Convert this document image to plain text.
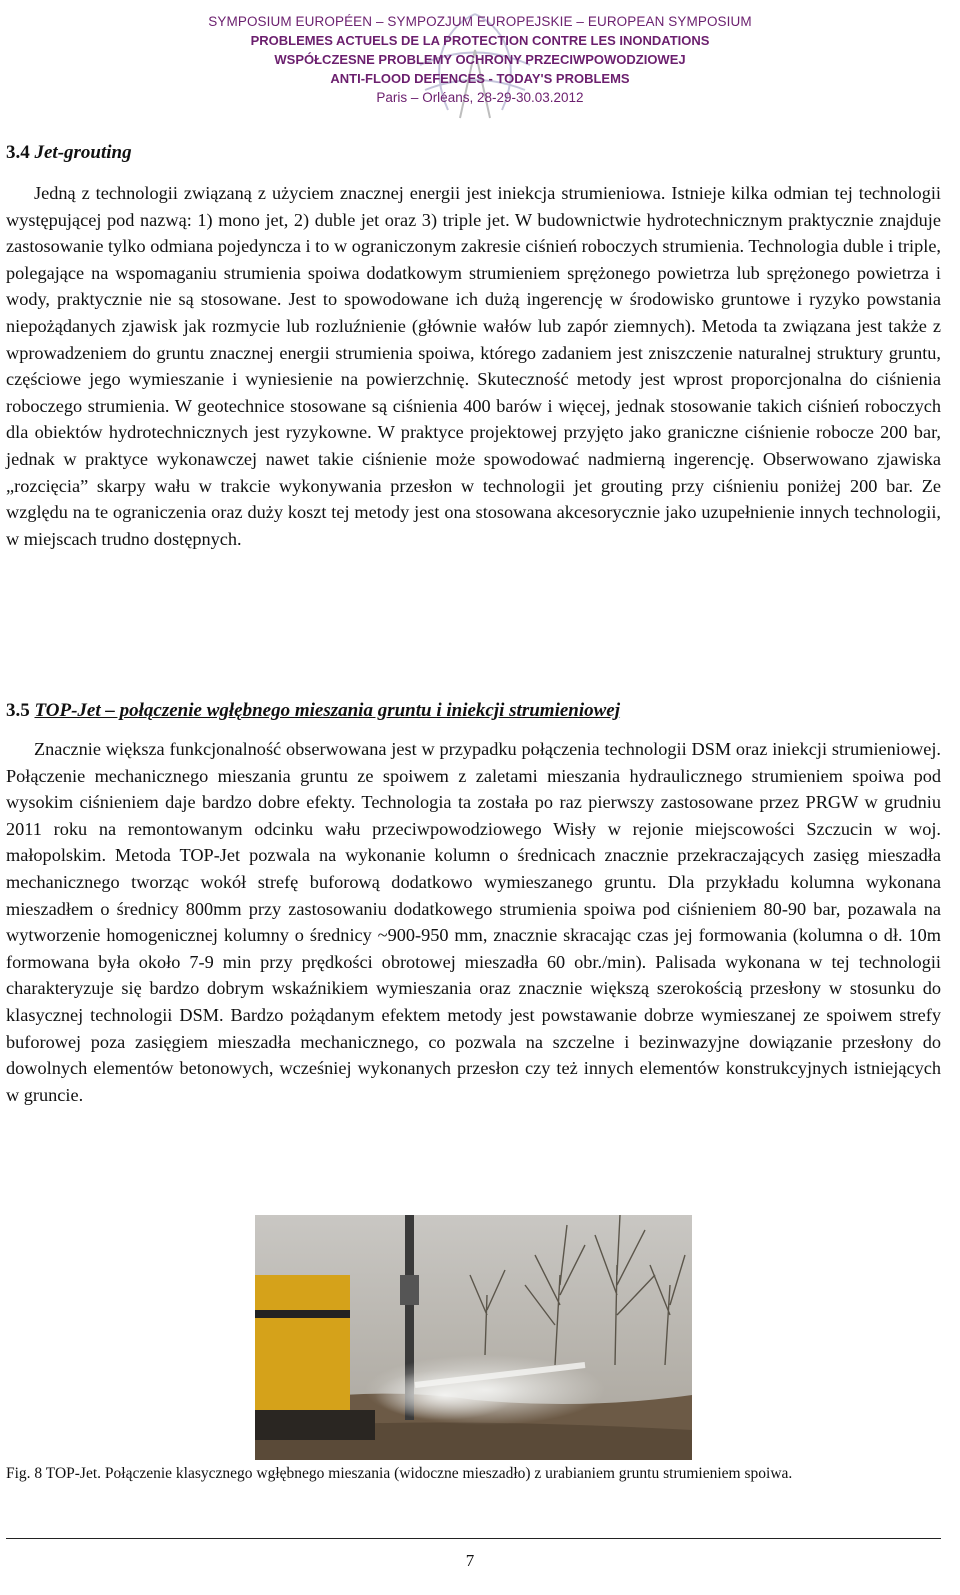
SYMPOSIUM EUROPÉEN – SYMPOZJUM EUROPEJSKIE – EUROPEAN SYMPOSIUM
PROBLEMES ACTUELS DE LA PROTECTION CONTRE LES INONDATIONS
WSPÓŁCZESNE PROBLEMY OCHRONY PRZECIWPOWODZIOWEJ
ANTI-FLOOD DEFENCES - TODAY'S PROBLEMS
Paris – Orléans, 28-29-30.03.2012
3.4 Jet-grouting
Jedną z technologii związaną z użyciem znacznej energii jest iniekcja strumieniowa. Istnieje kilka odmian tej technologii występującej pod nazwą: 1) mono jet, 2) duble jet oraz 3) triple jet. W budownictwie hydrotechnicznym praktycznie znajduje zastosowanie tylko odmiana pojedyncza i to w ograniczonym zakresie ciśnień roboczych strumienia. Technologia duble i triple, polegające na wspomaganiu strumienia spoiwa dodatkowym strumieniem sprężonego powietrza lub sprężonego powietrza i wody, praktycznie nie są stosowane. Jest to spowodowane ich dużą ingerencję w środowisko gruntowe i ryzyko powstania niepożądanych zjawisk jak rozmycie lub rozluźnienie (głównie wałów lub zapór ziemnych). Metoda ta związana jest także z wprowadzeniem do gruntu znacznej energii strumienia spoiwa, którego zadaniem jest zniszczenie naturalnej struktury gruntu, częściowe jego wymieszanie i wyniesienie na powierzchnię. Skuteczność metody jest wprost proporcjonalna do ciśnienia roboczego strumienia. W geotechnice stosowane są ciśnienia 400 barów i więcej, jednak stosowanie takich ciśnień roboczych dla obiektów hydrotechnicznych jest ryzykowne. W praktyce projektowej przyjęto jako graniczne ciśnienie robocze 200 bar, jednak w praktyce wykonawczej nawet takie ciśnienie może spowodować nadmierną ingerencję. Obserwowano zjawiska „rozcięcia” skarpy wału w trakcie wykonywania przesłon w technologii jet grouting przy ciśnieniu poniżej 200 bar. Ze względu na te ograniczenia oraz duży koszt tej metody jest ona stosowana akcesorycznie jako uzupełnienie innych technologii, w miejscach trudno dostępnych.
3.5 TOP-Jet – połączenie wgłębnego mieszania gruntu i iniekcji strumieniowej
Znacznie większa funkcjonalność obserwowana jest w przypadku połączenia technologii DSM oraz iniekcji strumieniowej. Połączenie mechanicznego mieszania gruntu ze spoiwem z zaletami mieszania hydraulicznego strumieniem spoiwa pod wysokim ciśnieniem daje bardzo dobre efekty. Technologia ta została po raz pierwszy zastosowane przez PRGW w grudniu 2011 roku na remontowanym odcinku wału przeciwpowodziowego Wisły w rejonie miejscowości Szczucin w woj. małopolskim. Metoda TOP-Jet pozwala na wykonanie kolumn o średnicach znacznie przekraczających zasięg mieszadła mechanicznego tworząc wokół strefę buforową dodatkowo wymieszanego gruntu. Dla przykładu kolumna wykonana mieszadłem o średnicy 800mm przy zastosowaniu dodatkowego strumienia spoiwa pod ciśnieniem 80-90 bar, pozawala na wytworzenie homogenicznej kolumny o średnicy ~900-950 mm, znacznie skracając czas jej formowania (kolumna o dł. 10m formowana była około 7-9 min przy prędkości obrotowej mieszadła 60 obr./min). Palisada wykonana w tej technologii charakteryzuje się bardzo dobrym wskaźnikiem wymieszania oraz znacznie większą szerokością przesłony w stosunku do klasycznej technologii DSM. Bardzo pożądanym efektem metody jest powstawanie dobrze wymieszanej ze spoiwem strefy buforowej poza zasięgiem mieszadła mechanicznego, co pozwala na szczelne i bezinwazyjne dowiązanie przesłony do dowolnych elementów betonowych, wcześniej wykonanych przesłon czy też innych elementów konstrukcyjnych istniejących w gruncie.
Fig. 8 TOP-Jet. Połączenie klasycznego wgłębnego mieszania (widoczne mieszadło) z urabianiem gruntu strumieniem spoiwa.
7
